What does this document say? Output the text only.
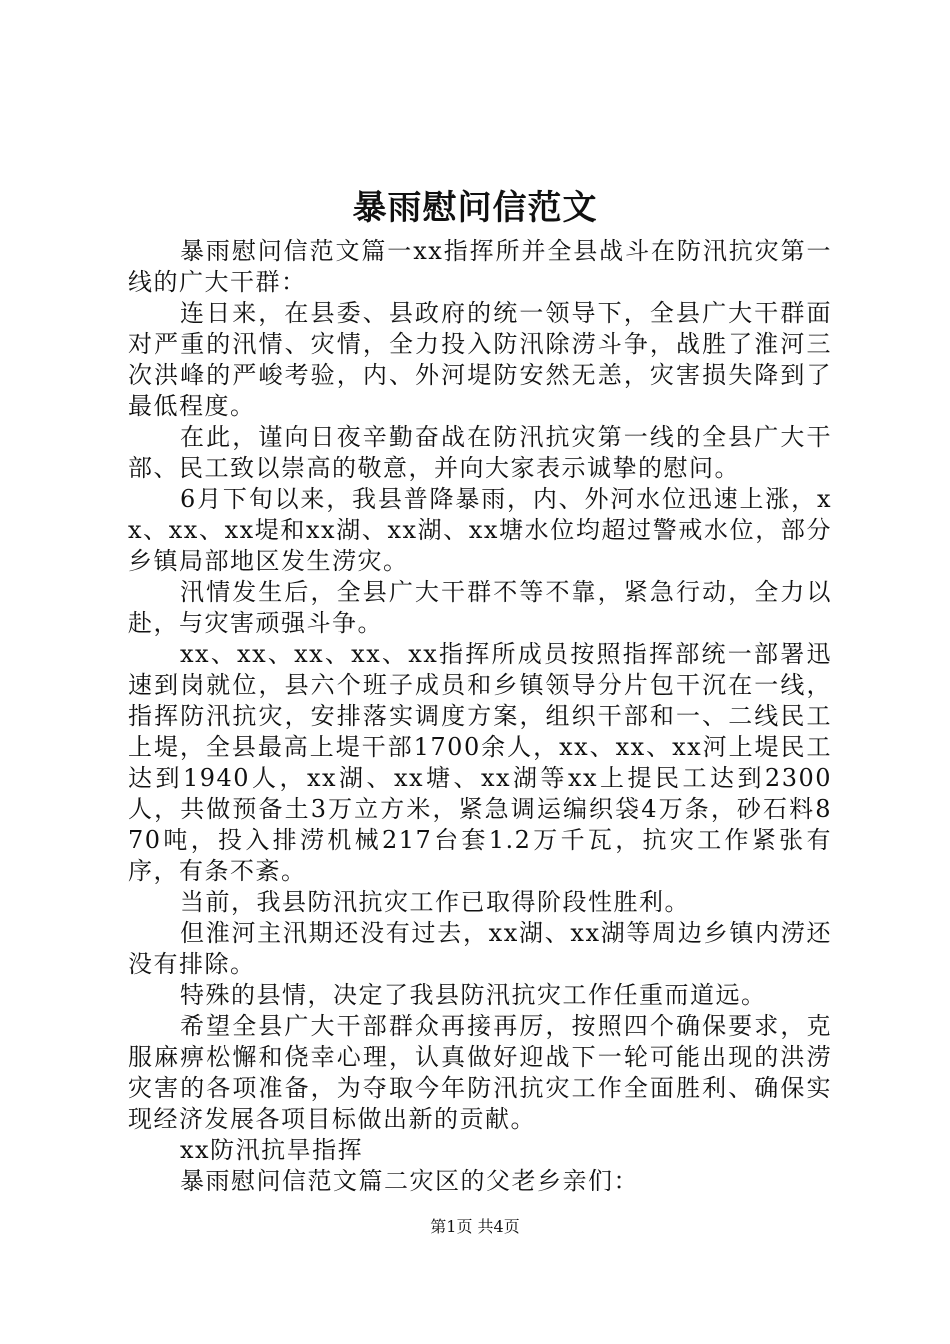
暴雨慰问信范文

暴雨慰问信范文篇一xx指挥所并全县战斗在防汛抗灾第一线的广大干群：

连日来，在县委、县政府的统一领导下，全县广大干群面对严重的汛情、灾情，全力投入防汛除涝斗争，战胜了淮河三次洪峰的严峻考验，内、外河堤防安然无恙，灾害损失降到了最低程度。

在此，谨向日夜辛勤奋战在防汛抗灾第一线的全县广大干部、民工致以崇高的敬意，并向大家表示诚挚的慰问。

6月下旬以来，我县普降暴雨，内、外河水位迅速上涨，xx、xx、xx堤和xx湖、xx湖、xx塘水位均超过警戒水位，部分乡镇局部地区发生涝灾。

汛情发生后，全县广大干群不等不靠，紧急行动，全力以赴，与灾害顽强斗争。

xx、xx、xx、xx、xx指挥所成员按照指挥部统一部署迅速到岗就位，县六个班子成员和乡镇领导分片包干沉在一线，指挥防汛抗灾，安排落实调度方案，组织干部和一、二线民工上堤，全县最高上堤干部1700余人，xx、xx、xx河上堤民工达到1940人，xx湖、xx塘、xx湖等xx上提民工达到2300人，共做预备土3万立方米，紧急调运编织袋4万条，砂石料870吨，投入排涝机械217台套1.2万千瓦，抗灾工作紧张有序，有条不紊。

当前，我县防汛抗灾工作已取得阶段性胜利。

但淮河主汛期还没有过去，xx湖、xx湖等周边乡镇内涝还没有排除。

特殊的县情，决定了我县防汛抗灾工作任重而道远。

希望全县广大干部群众再接再厉，按照四个确保要求，克服麻痹松懈和侥幸心理，认真做好迎战下一轮可能出现的洪涝灾害的各项准备，为夺取今年防汛抗灾工作全面胜利、确保实现经济发展各项目标做出新的贡献。

xx防汛抗旱指挥

暴雨慰问信范文篇二灾区的父老乡亲们：

第1页 共4页
